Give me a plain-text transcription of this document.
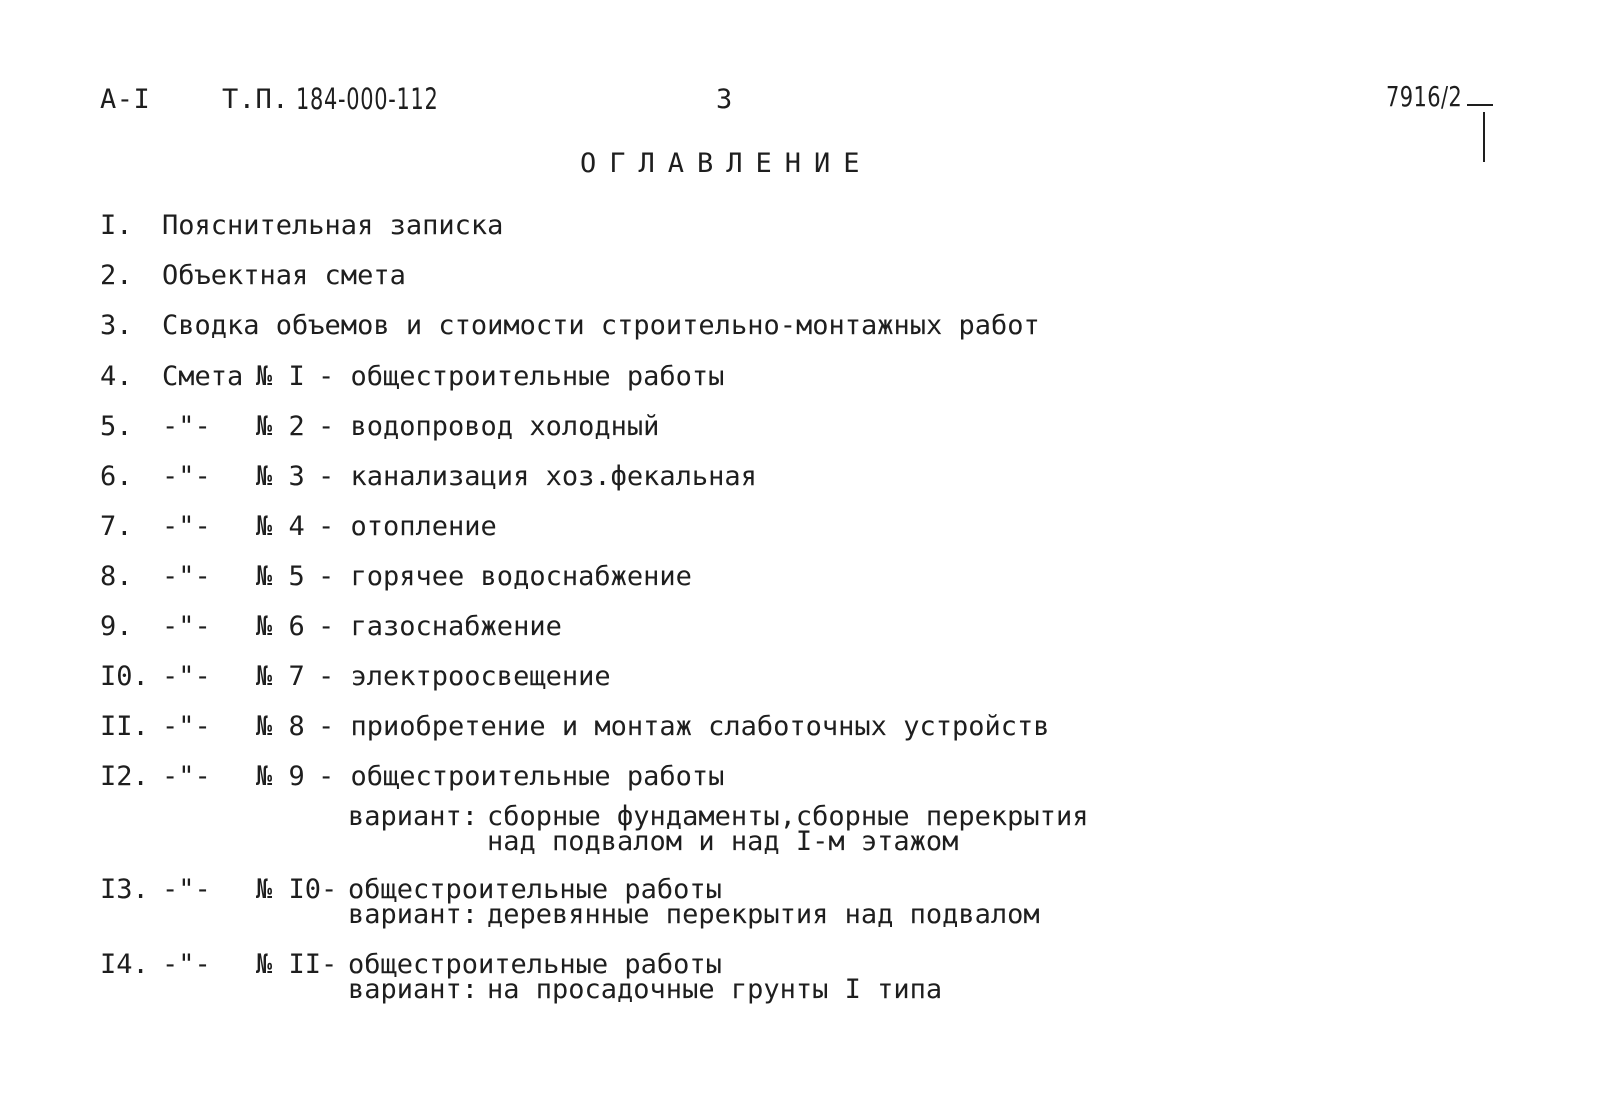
А-I	Т.П. 184-000-112	3	7916/2
ОГЛАВЛЕНИЕ
I. Пояснительная записка
2. Объектная смета
3. Сводка объемов и стоимости строительно-монтажных работ
4. Смета № I - общестроительные работы
5. -"- № 2 - водопровод холодный
6. -"- № 3 - канализация хоз.фекальная
7. -"- № 4 - отопление
8. -"- № 5 - горячее водоснабжение
9. -"- № 6 - газоснабжение
I0. -"- № 7 - электроосвещение
II. -"- № 8 - приобретение и монтаж слаботочных устройств
I2. -"- № 9 - общестроительные работы
вариант: сборные фундаменты,сборные перекрытия
над подвалом и над I-м этажом
I3. -"- № I0- общестроительные работы
вариант: деревянные перекрытия над подвалом
I4. -"- № II- общестроительные работы
вариант: на просадочные грунты I типа
